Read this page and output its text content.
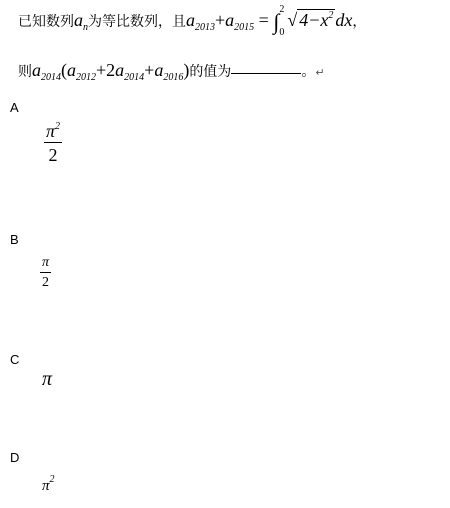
已知数列$a_n$为等比数列，且$a_{2013}+a_{2015}$ = ∫ 2
0
√ $4-x^2$ dx，
则$a_{2014}(a_{2012}+2a_{2014}+a_{2016})$的值为	。↵
A
$\frac{\pi^2}{2}$
B
$\frac{\pi}{2}$
C
π
D
$\pi^2$
